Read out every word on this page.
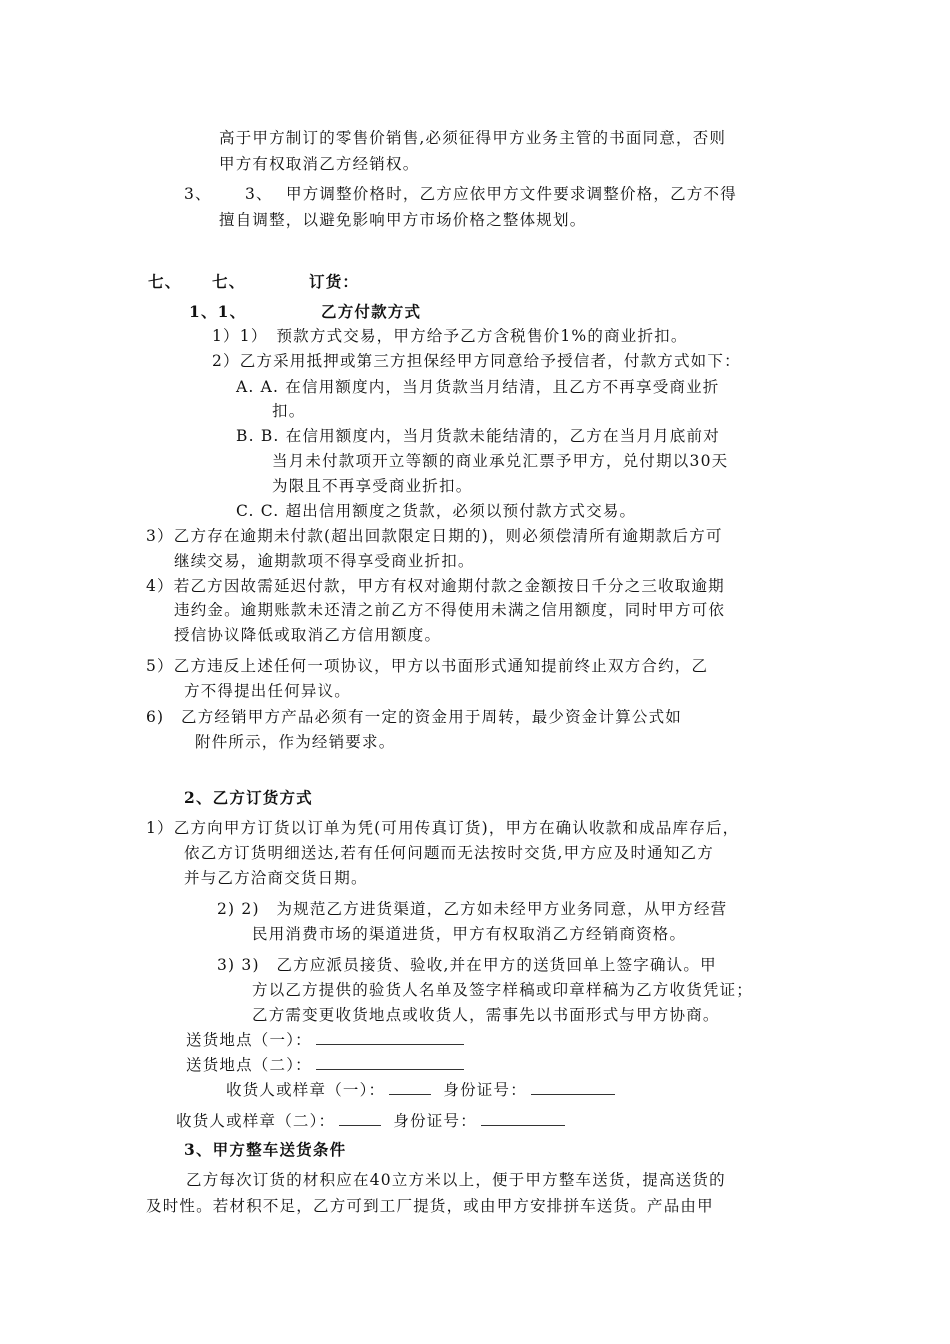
高于甲方制订的零售价销售,必须征得甲方业务主管的书面同意，否则
甲方有权取消乙方经销权。
3、 3、 甲方调整价格时，乙方应依甲方文件要求调整价格，乙方不得
擅自调整，以避免影响甲方市场价格之整体规划。
七、 七、	订货：
1、1、	乙方付款方式
1）1）　预款方式交易，甲方给予乙方含税售价1%的商业折扣。
2）乙方采用抵押或第三方担保经甲方同意给予授信者，付款方式如下：
A. A. 在信用额度内，当月货款当月结清，且乙方不再享受商业折
扣。
B. B. 在信用额度内，当月货款未能结清的，乙方在当月月底前对
当月未付款项开立等额的商业承兑汇票予甲方，兑付期以30天
为限且不再享受商业折扣。
C. C. 超出信用额度之货款，必须以预付款方式交易。
3）乙方存在逾期未付款(超出回款限定日期的)，则必须偿清所有逾期款后方可
继续交易，逾期款项不得享受商业折扣。
4）若乙方因故需延迟付款，甲方有权对逾期付款之金额按日千分之三收取逾期
违约金。逾期账款未还清之前乙方不得使用未满之信用额度，同时甲方可依
授信协议降低或取消乙方信用额度。
5）乙方违反上述任何一项协议，甲方以书面形式通知提前终止双方合约，乙
方不得提出任何异议。
6)　乙方经销甲方产品必须有一定的资金用于周转，最少资金计算公式如
附件所示，作为经销要求。
2、乙方订货方式
1）乙方向甲方订货以订单为凭(可用传真订货)，甲方在确认收款和成品库存后，
依乙方订货明细送达,若有任何问题而无法按时交货,甲方应及时通知乙方
并与乙方洽商交货日期。
2) 2)　为规范乙方进货渠道，乙方如未经甲方业务同意，从甲方经营
民用消费市场的渠道进货，甲方有权取消乙方经销商资格。
3) 3)　乙方应派员接货、验收,并在甲方的送货回单上签字确认。甲
方以乙方提供的验货人名单及签字样稿或印章样稿为乙方收货凭证；
乙方需变更收货地点或收货人，需事先以书面形式与甲方协商。
送货地点（一）：
送货地点（二）：
收货人或样章（一）：	身份证号：
收货人或样章（二）：	身份证号：
3、甲方整车送货条件
乙方每次订货的材积应在40立方米以上，便于甲方整车送货，提高送货的
及时性。若材积不足，乙方可到工厂提货，或由甲方安排拼车送货。产品由甲
